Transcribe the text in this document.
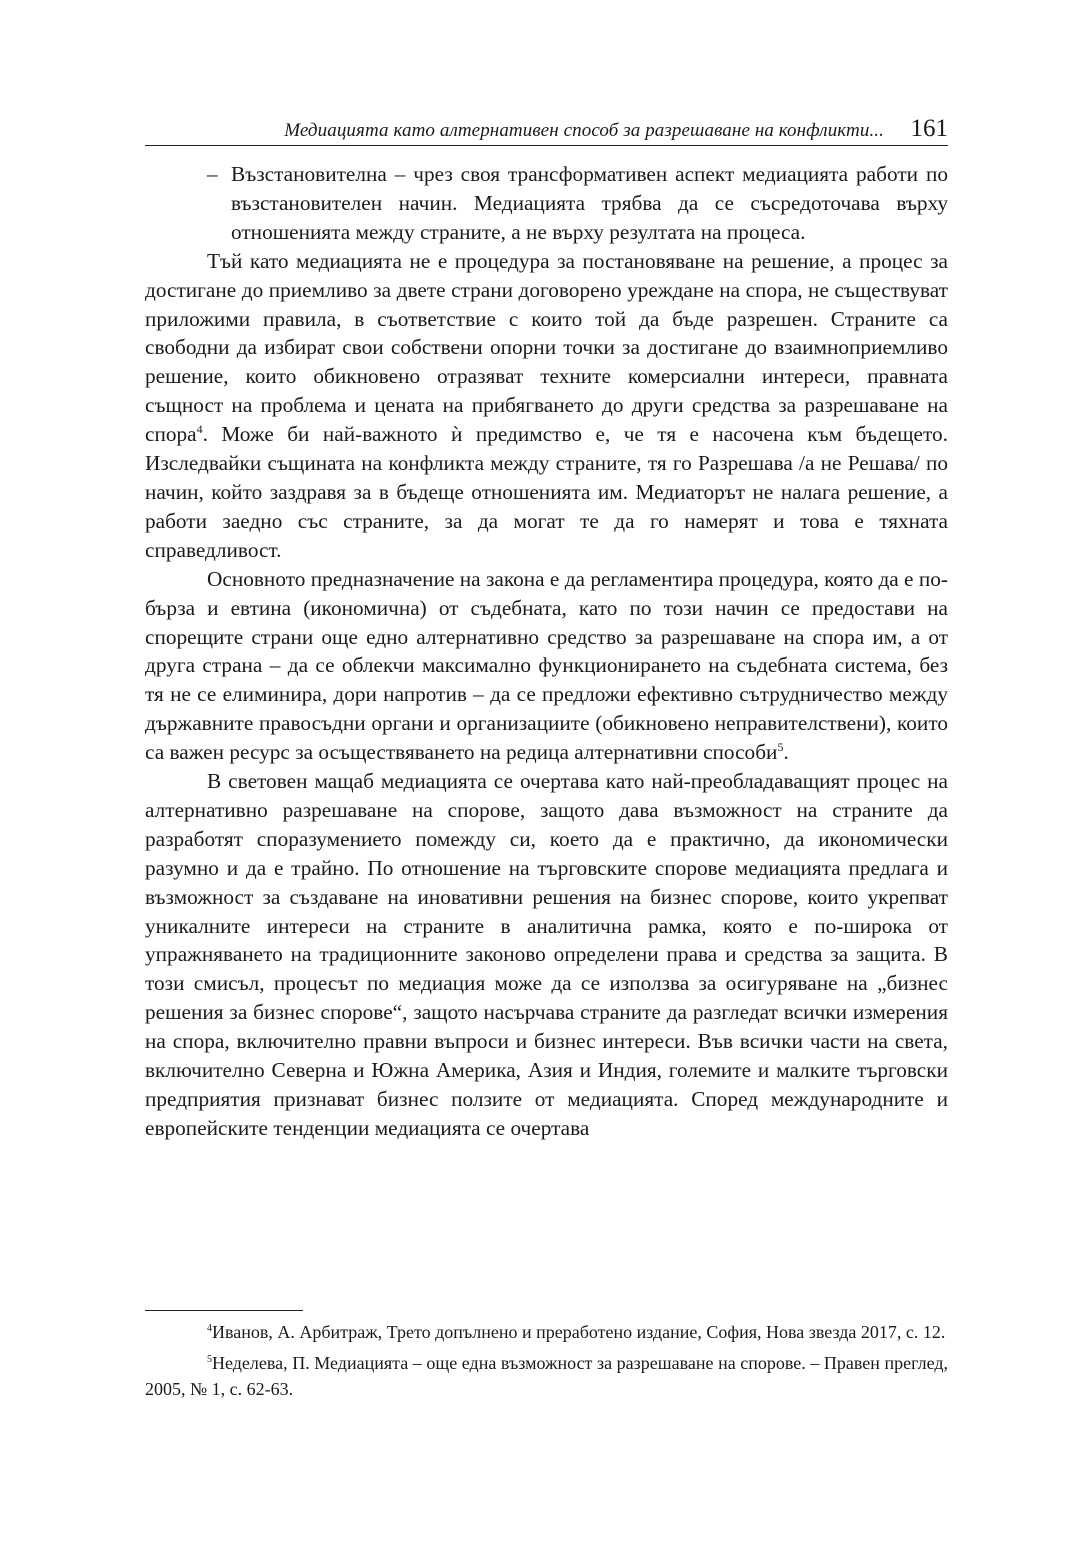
Медиацията като алтернативен способ за разрешаване на конфликти... 161

– Възстановителна – чрез своя трансформативен аспект медиацията работи по възстановителен начин. Медиацията трябва да се съсредоточава върху отношенията между страните, а не върху резултата на процеса.

Тъй като медиацията не е процедура за постановяване на решение, а процес за достигане до приемливо за двете страни договорено уреждане на спора, не съществуват приложими правила, в съответствие с които той да бъде разрешен. Страните са свободни да избират свои собствени опорни точки за достигане до взаимноприемливо решение, които обикновено отразяват техните комерсиални интереси, правната същност на проблема и цената на прибягването до други средства за разрешаване на спора$^4$. Може би най-важното ѝ предимство е, че тя е насочена към бъдещето. Изследвайки същината на конфликта между страните, тя го Разрешава /а не Решава/ по начин, който заздравя за в бъдеще отношенията им. Медиаторът не налага решение, а работи заедно със страните, за да могат те да го намерят и това е тяхната справедливост.

Основното предназначение на закона е да регламентира процедура, която да е по-бърза и евтина (икономична) от съдебната, като по този начин се предостави на спорещите страни още едно алтернативно средство за разрешаване на спора им, а от друга страна – да се облекчи максимално функционирането на съдебната система, без тя не се елиминира, дори напротив – да се предложи ефективно сътрудничество между държавните правосъдни органи и организациите (обикновено неправителствени), които са важен ресурс за осъществяването на редица алтернативни способи$^5$.

В световен мащаб медиацията се очертава като най-преобладаващият процес на алтернативно разрешаване на спорове, защото дава възможност на страните да разработят споразумението помежду си, което да е практично, да икономически разумно и да е трайно. По отношение на търговските спорове медиацията предлага и възможност за създаване на иновативни решения на бизнес спорове, които укрепват уникалните интереси на страните в аналитична рамка, която е по-широка от упражняването на традиционните законово определени права и средства за защита. В този смисъл, процесът по медиация може да се използва за осигуряване на „бизнес решения за бизнес спорове“, защото насърчава страните да разгледат всички измерения на спора, включително правни въпроси и бизнес интереси. Във всички части на света, включително Северна и Южна Америка, Азия и Индия, големите и малките търговски предприятия признават бизнес ползите от медиацията. Според международните и европейските тенденции медиацията се очертава

$^4$Иванов, А. Арбитраж, Трето допълнено и преработено издание, София, Нова звезда 2017, с. 12.

$^5$Неделева, П. Медиацията – още една възможност за разрешаване на спорове. – Правен преглед, 2005, № 1, с. 62-63.
